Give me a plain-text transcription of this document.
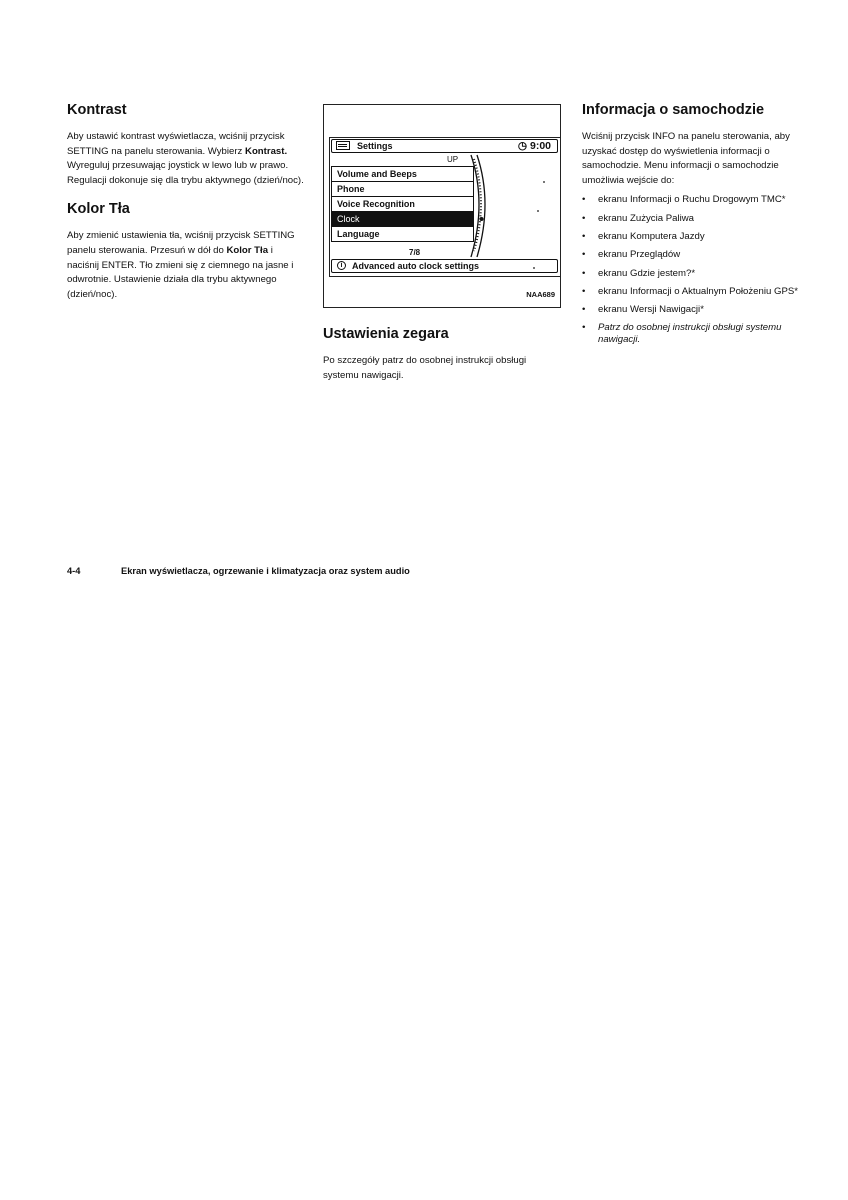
Kontrast

Aby ustawić kontrast wyświetlacza, wciśnij przycisk SETTING na panelu sterowania. Wybierz Kontrast. Wyreguluj przesuwając joystick w lewo lub w prawo. Regulacji dokonuje się dla trybu aktywnego (dzień/noc).

Kolor Tła

Aby zmienić ustawienia tła, wciśnij przycisk SETTING panelu sterowania. Przesuń w dół do Kolor Tła i naciśnij ENTER. Tło zmieni się z ciemnego na jasne i odwrotnie. Ustawienie działa dla trybu aktywnego (dzień/noc).

Settings	◷ 9:00
UP
Volume and Beeps
Phone
Voice Recognition
Clock
Language
7/8
i	Advanced auto clock settings
NAA689
Ustawienia zegara

Po szczegóły patrz do osobnej instrukcji obsługi systemu nawigacji.

Informacja o samochodzie

Wciśnij przycisk INFO na panelu sterowania, aby uzyskać dostęp do wyświetlenia informacji o samochodzie. Menu informacji o samochodzie umożliwia wejście do:

• ekranu Informacji o Ruchu Drogowym TMC*
• ekranu Zużycia Paliwa
• ekranu Komputera Jazdy
• ekranu Przeglądów
• ekranu Gdzie jestem?*
• ekranu Informacji o Aktualnym Położeniu GPS*
• ekranu Wersji Nawigacji*
• Patrz do osobnej instrukcji obsługi systemu nawigacji.
4-4	Ekran wyświetlacza, ogrzewanie i klimatyzacja oraz system audio
